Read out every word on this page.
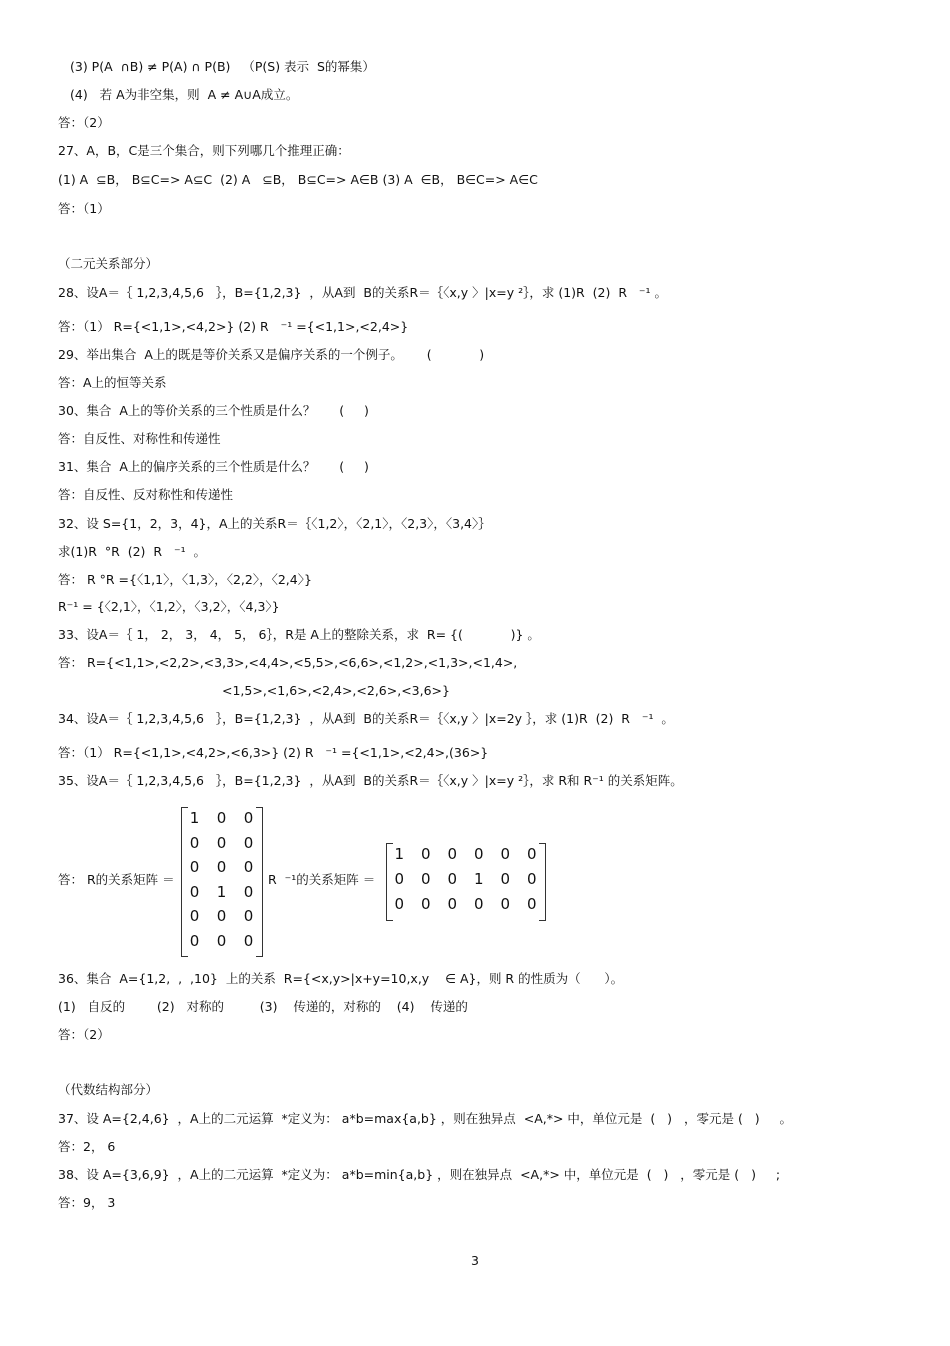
(3) P(A  ∩B) ≠ P(A) ∩ P(B)   （P(S) 表示  S的幂集）
(4)   若 A为非空集，则  A ≠ A∪A成立。
答：（2）
27、A，B，C是三个集合，则下列哪几个推理正确：
(1) A  ⊆B， B⊆C=> A⊆C  (2) A   ⊆B， B⊆C=> A∈B (3) A  ∈B， B∈C=> A∈C
答：（1）
（二元关系部分）
28、设A＝｛ 1,2,3,4,5,6   ｝，B={1,2,3}  ，从A到  B的关系R＝｛〈x,y 〉|x=y ²｝，求 (1)R  (2)  R   ⁻¹ 。
答：（1） R={<1,1>,<4,2>} (2) R   ⁻¹ ={<1,1>,<2,4>}
29、举出集合  A上的既是等价关系又是偏序关系的一个例子。      (            )
答：A上的恒等关系
30、集合  A上的等价关系的三个性质是什么？      (     )
答：自反性、对称性和传递性
31、集合  A上的偏序关系的三个性质是什么？      (     )
答：自反性、反对称性和传递性
32、设 S={1，2，3，4}，A上的关系R＝｛〈1,2〉，〈2,1〉，〈2,3〉，〈3,4〉｝
求(1)R  °R  (2)  R   ⁻¹  。
答： R °R ={〈1,1〉，〈1,3〉，〈2,2〉，〈2,4〉}
R⁻¹ = {〈2,1〉，〈1,2〉，〈3,2〉，〈4,3〉}
33、设A＝｛ 1， 2， 3， 4， 5， 6｝，R是 A上的整除关系，求  R= {(            )} 。
答： R={<1,1>,<2,2>,<3,3>,<4,4>,<5,5>,<6,6>,<1,2>,<1,3>,<1,4>,
<1,5>,<1,6>,<2,4>,<2,6>,<3,6>}
34、设A＝｛ 1,2,3,4,5,6   ｝，B={1,2,3}  ，从A到  B的关系R＝｛〈x,y 〉|x=2y ｝，求 (1)R  (2)  R   ⁻¹  。
答：（1） R={<1,1>,<4,2>,<6,3>} (2) R   ⁻¹ ={<1,1>,<2,4>,(36>}
35、设A＝｛ 1,2,3,4,5,6   ｝，B={1,2,3}  ，从A到  B的关系R＝｛〈x,y 〉|x=y ²｝，求 R和 R⁻¹ 的关系矩阵。
答： R的关系矩阵 ＝	R  ⁻¹的关系矩阵 ＝
36、集合  A={1,2,  ,  ,10}  上的关系  R={<x,y>|x+y=10,x,y    ∈ A}，则 R 的性质为（      ）。
(1)   自反的        (2)   对称的         (3)    传递的，对称的    (4)    传递的
答：（2）
（代数结构部分）
37、设 A={2,4,6}  ，A上的二元运算  *定义为： a*b=max{a,b} ，则在独异点  <A,*> 中，单位元是  (   )   ，零元是 (   )     。
答：2， 6
38、设 A={3,6,9}  ，A上的二元运算  *定义为： a*b=min{a,b} ，则在独异点  <A,*> 中，单位元是  (   )   ，零元是 (   )     ;
答：9， 3
1 0 0
0 0 0
0 0 0
0 1 0
0 0 0
0 0 0
1 0 0 0 0 0
0 0 0 1 0 0
0 0 0 0 0 0
3
